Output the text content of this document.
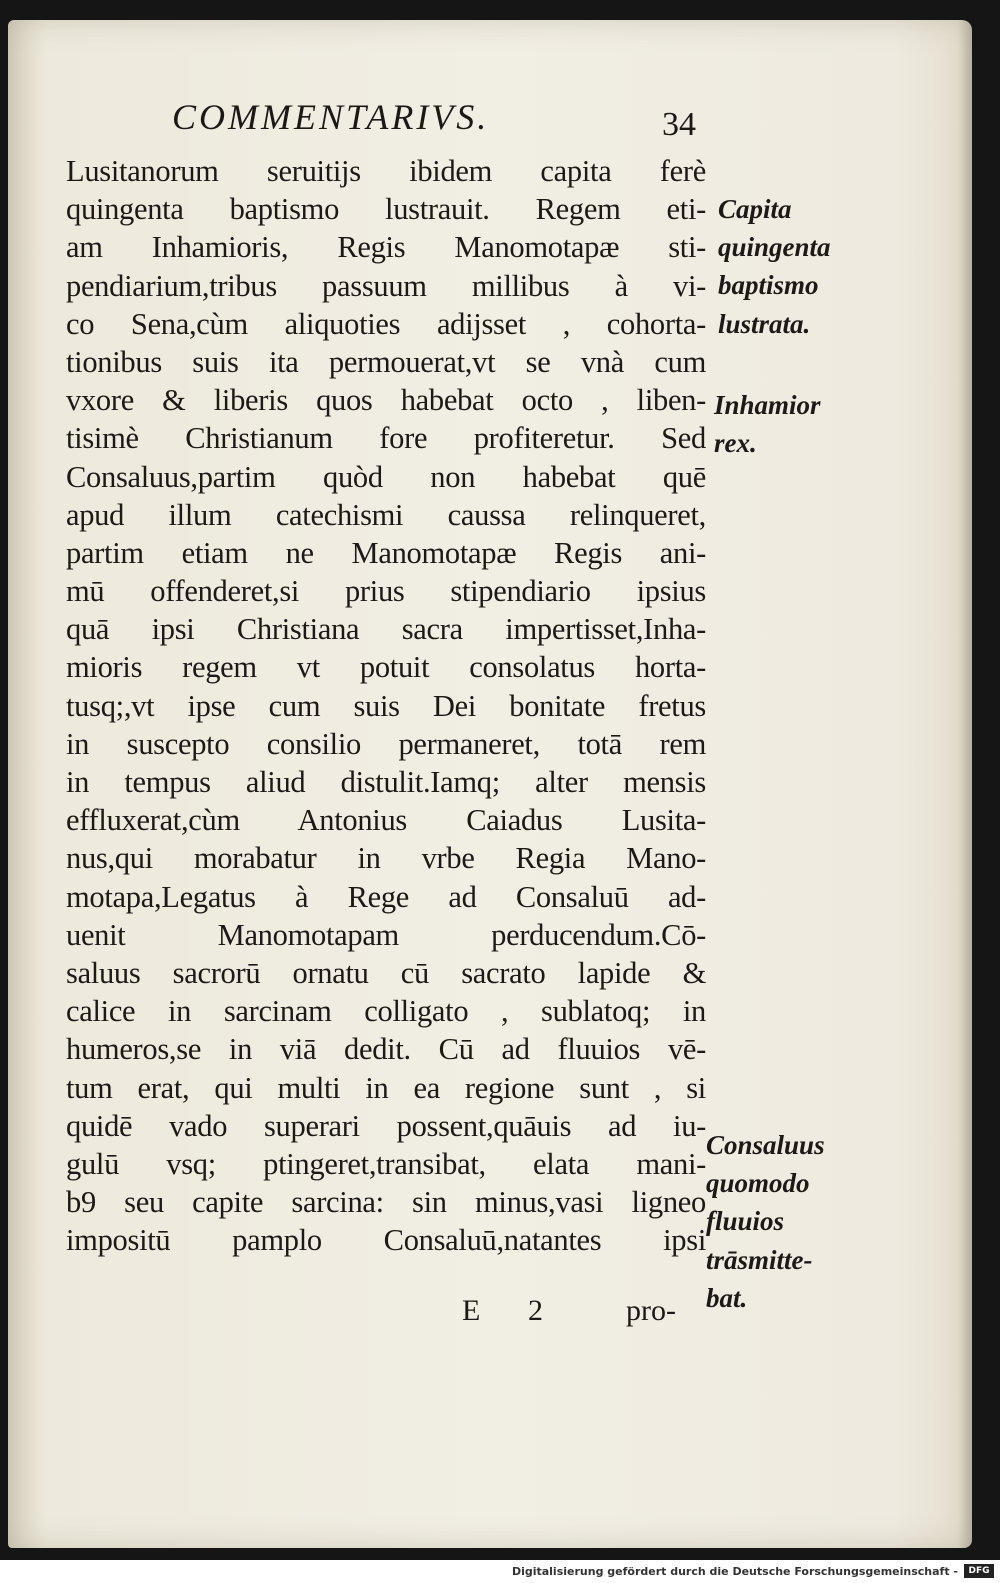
COMMENTARIVS.	34
Lusitanorum seruitijs ibidem capita ferè
quingenta baptismo lustrauit. Regem eti-
am Inhamioris, Regis Manomotapæ sti-
pendiarium,tribus passuum millibus à vi-
co Sena,cùm aliquoties adijsset , cohorta-
tionibus suis ita permouerat,vt se vnà cum
vxore & liberis quos habebat octo , liben-
tisimè Christianum fore profiteretur. Sed
Consaluus,partim quòd non habebat quē
apud illum catechismi caussa relinqueret,
partim etiam ne Manomotapæ Regis ani-
mū offenderet,si prius stipendiario ipsius
quā ipsi Christiana sacra impertisset,Inha-
mioris regem vt potuit consolatus horta-
tusq;,vt ipse cum suis Dei bonitate fretus
in suscepto consilio permaneret, totā rem
in tempus aliud distulit.Iamq; alter mensis
effluxerat,cùm Antonius Caiadus Lusita-
nus,qui morabatur in vrbe Regia Mano-
motapa,Legatus à Rege ad Consaluū ad-
uenit Manomotapam perducendum.Cō-
saluus sacrorū ornatu cū sacrato lapide &
calice in sarcinam colligato , sublatoq; in
humeros,se in viā dedit. Cū ad fluuios vē-
tum erat, qui multi in ea regione sunt , si
quidē vado superari possent,quāuis ad iu-
gulū vsq; ptingeret,transibat, elata mani-
b9 seu capite sarcina: sin minus,vasi ligneo
impositū pamplo Consaluū,natantes ipsi
Capita
quingenta
baptismo
lustrata.
Inhamior
rex.
Consaluus
quomodo
fluuios
trāsmitte-
bat.
E 2	pro-
Digitalisierung gefördert durch die Deutsche Forschungsgemeinschaft -	DFG
